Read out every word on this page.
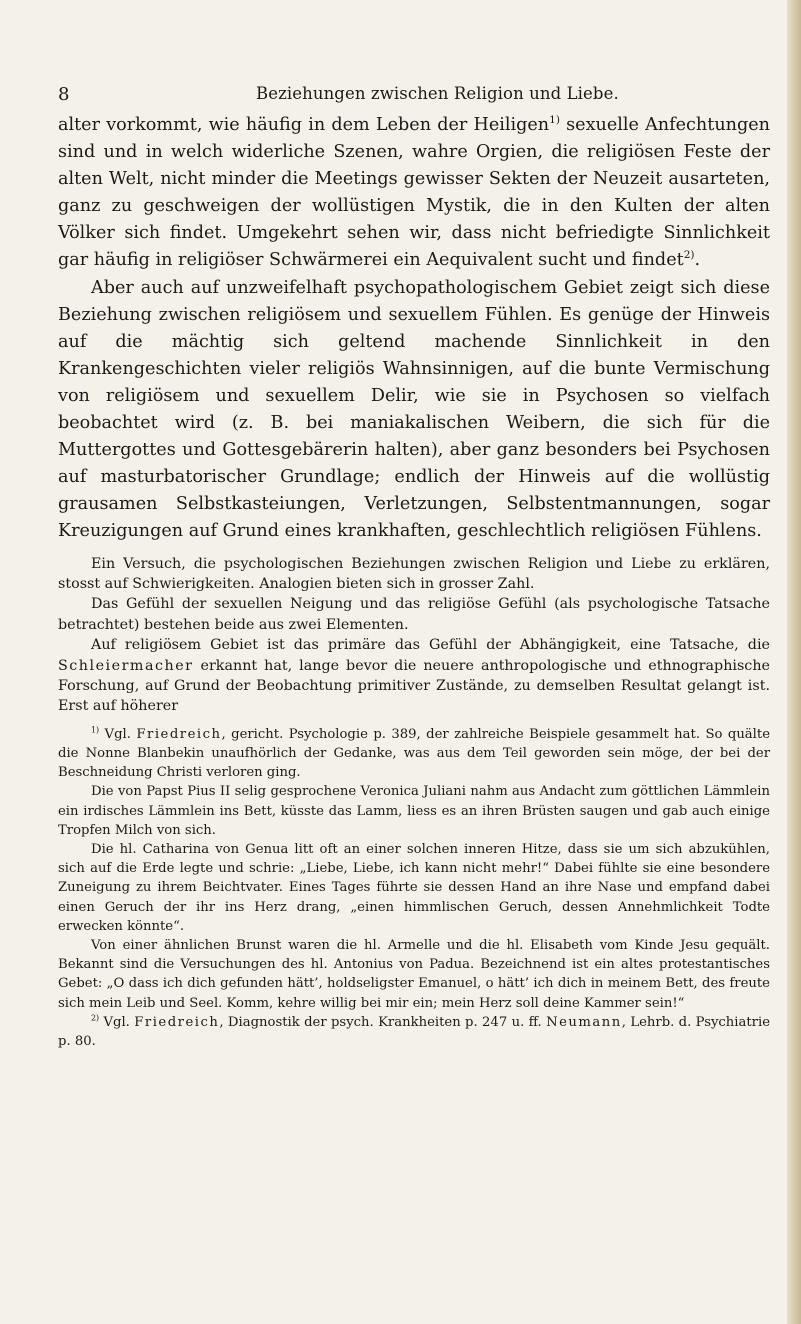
8	Beziehungen zwischen Religion und Liebe.

alter vorkommt, wie häufig in dem Leben der Heiligen$^{1)}$ sexuelle Anfechtungen sind und in welch widerliche Szenen, wahre Orgien, die religiösen Feste der alten Welt, nicht minder die Meetings gewisser Sekten der Neuzeit ausarteten, ganz zu geschweigen der wollüstigen Mystik, die in den Kulten der alten Völker sich findet. Umgekehrt sehen wir, dass nicht befriedigte Sinnlichkeit gar häufig in religiöser Schwärmerei ein Aequivalent sucht und findet$^{2)}$.

Aber auch auf unzweifelhaft psychopathologischem Gebiet zeigt sich diese Beziehung zwischen religiösem und sexuellem Fühlen. Es genüge der Hinweis auf die mächtig sich geltend machende Sinnlichkeit in den Krankengeschichten vieler religiös Wahnsinnigen, auf die bunte Vermischung von religiösem und sexuellem Delir, wie sie in Psychosen so vielfach beobachtet wird (z. B. bei maniakalischen Weibern, die sich für die Muttergottes und Gottesgebärerin halten), aber ganz besonders bei Psychosen auf masturbatorischer Grundlage; endlich der Hinweis auf die wollüstig grausamen Selbstkasteiungen, Verletzungen, Selbstentmannungen, sogar Kreuzigungen auf Grund eines krankhaften, geschlechtlich religiösen Fühlens.

Ein Versuch, die psychologischen Beziehungen zwischen Religion und Liebe zu erklären, stosst auf Schwierigkeiten. Analogien bieten sich in grosser Zahl.

Das Gefühl der sexuellen Neigung und das religiöse Gefühl (als psychologische Tatsache betrachtet) bestehen beide aus zwei Elementen.

Auf religiösem Gebiet ist das primäre das Gefühl der Abhängigkeit, eine Tatsache, die Schleiermacher erkannt hat, lange bevor die neuere anthropologische und ethnographische Forschung, auf Grund der Beobachtung primitiver Zustände, zu demselben Resultat gelangt ist. Erst auf höherer

$^{1)}$ Vgl. Friedreich, gericht. Psychologie p. 389, der zahlreiche Beispiele gesammelt hat. So quälte die Nonne Blanbekin unaufhörlich der Gedanke, was aus dem Teil geworden sein möge, der bei der Beschneidung Christi verloren ging.

Die von Papst Pius II selig gesprochene Veronica Juliani nahm aus Andacht zum göttlichen Lämmlein ein irdisches Lämmlein ins Bett, küsste das Lamm, liess es an ihren Brüsten saugen und gab auch einige Tropfen Milch von sich.

Die hl. Catharina von Genua litt oft an einer solchen inneren Hitze, dass sie um sich abzukühlen, sich auf die Erde legte und schrie: „Liebe, Liebe, ich kann nicht mehr!“ Dabei fühlte sie eine besondere Zuneigung zu ihrem Beichtvater. Eines Tages führte sie dessen Hand an ihre Nase und empfand dabei einen Geruch der ihr ins Herz drang, „einen himmlischen Geruch, dessen Annehmlichkeit Todte erwecken könnte“.

Von einer ähnlichen Brunst waren die hl. Armelle und die hl. Elisabeth vom Kinde Jesu gequält. Bekannt sind die Versuchungen des hl. Antonius von Padua. Bezeichnend ist ein altes protestantisches Gebet: „O dass ich dich gefunden hätt’, holdseligster Emanuel, o hätt’ ich dich in meinem Bett, des freute sich mein Leib und Seel. Komm, kehre willig bei mir ein; mein Herz soll deine Kammer sein!“

$^{2)}$ Vgl. Friedreich, Diagnostik der psych. Krankheiten p. 247 u. ff. Neumann, Lehrb. d. Psychiatrie p. 80.
